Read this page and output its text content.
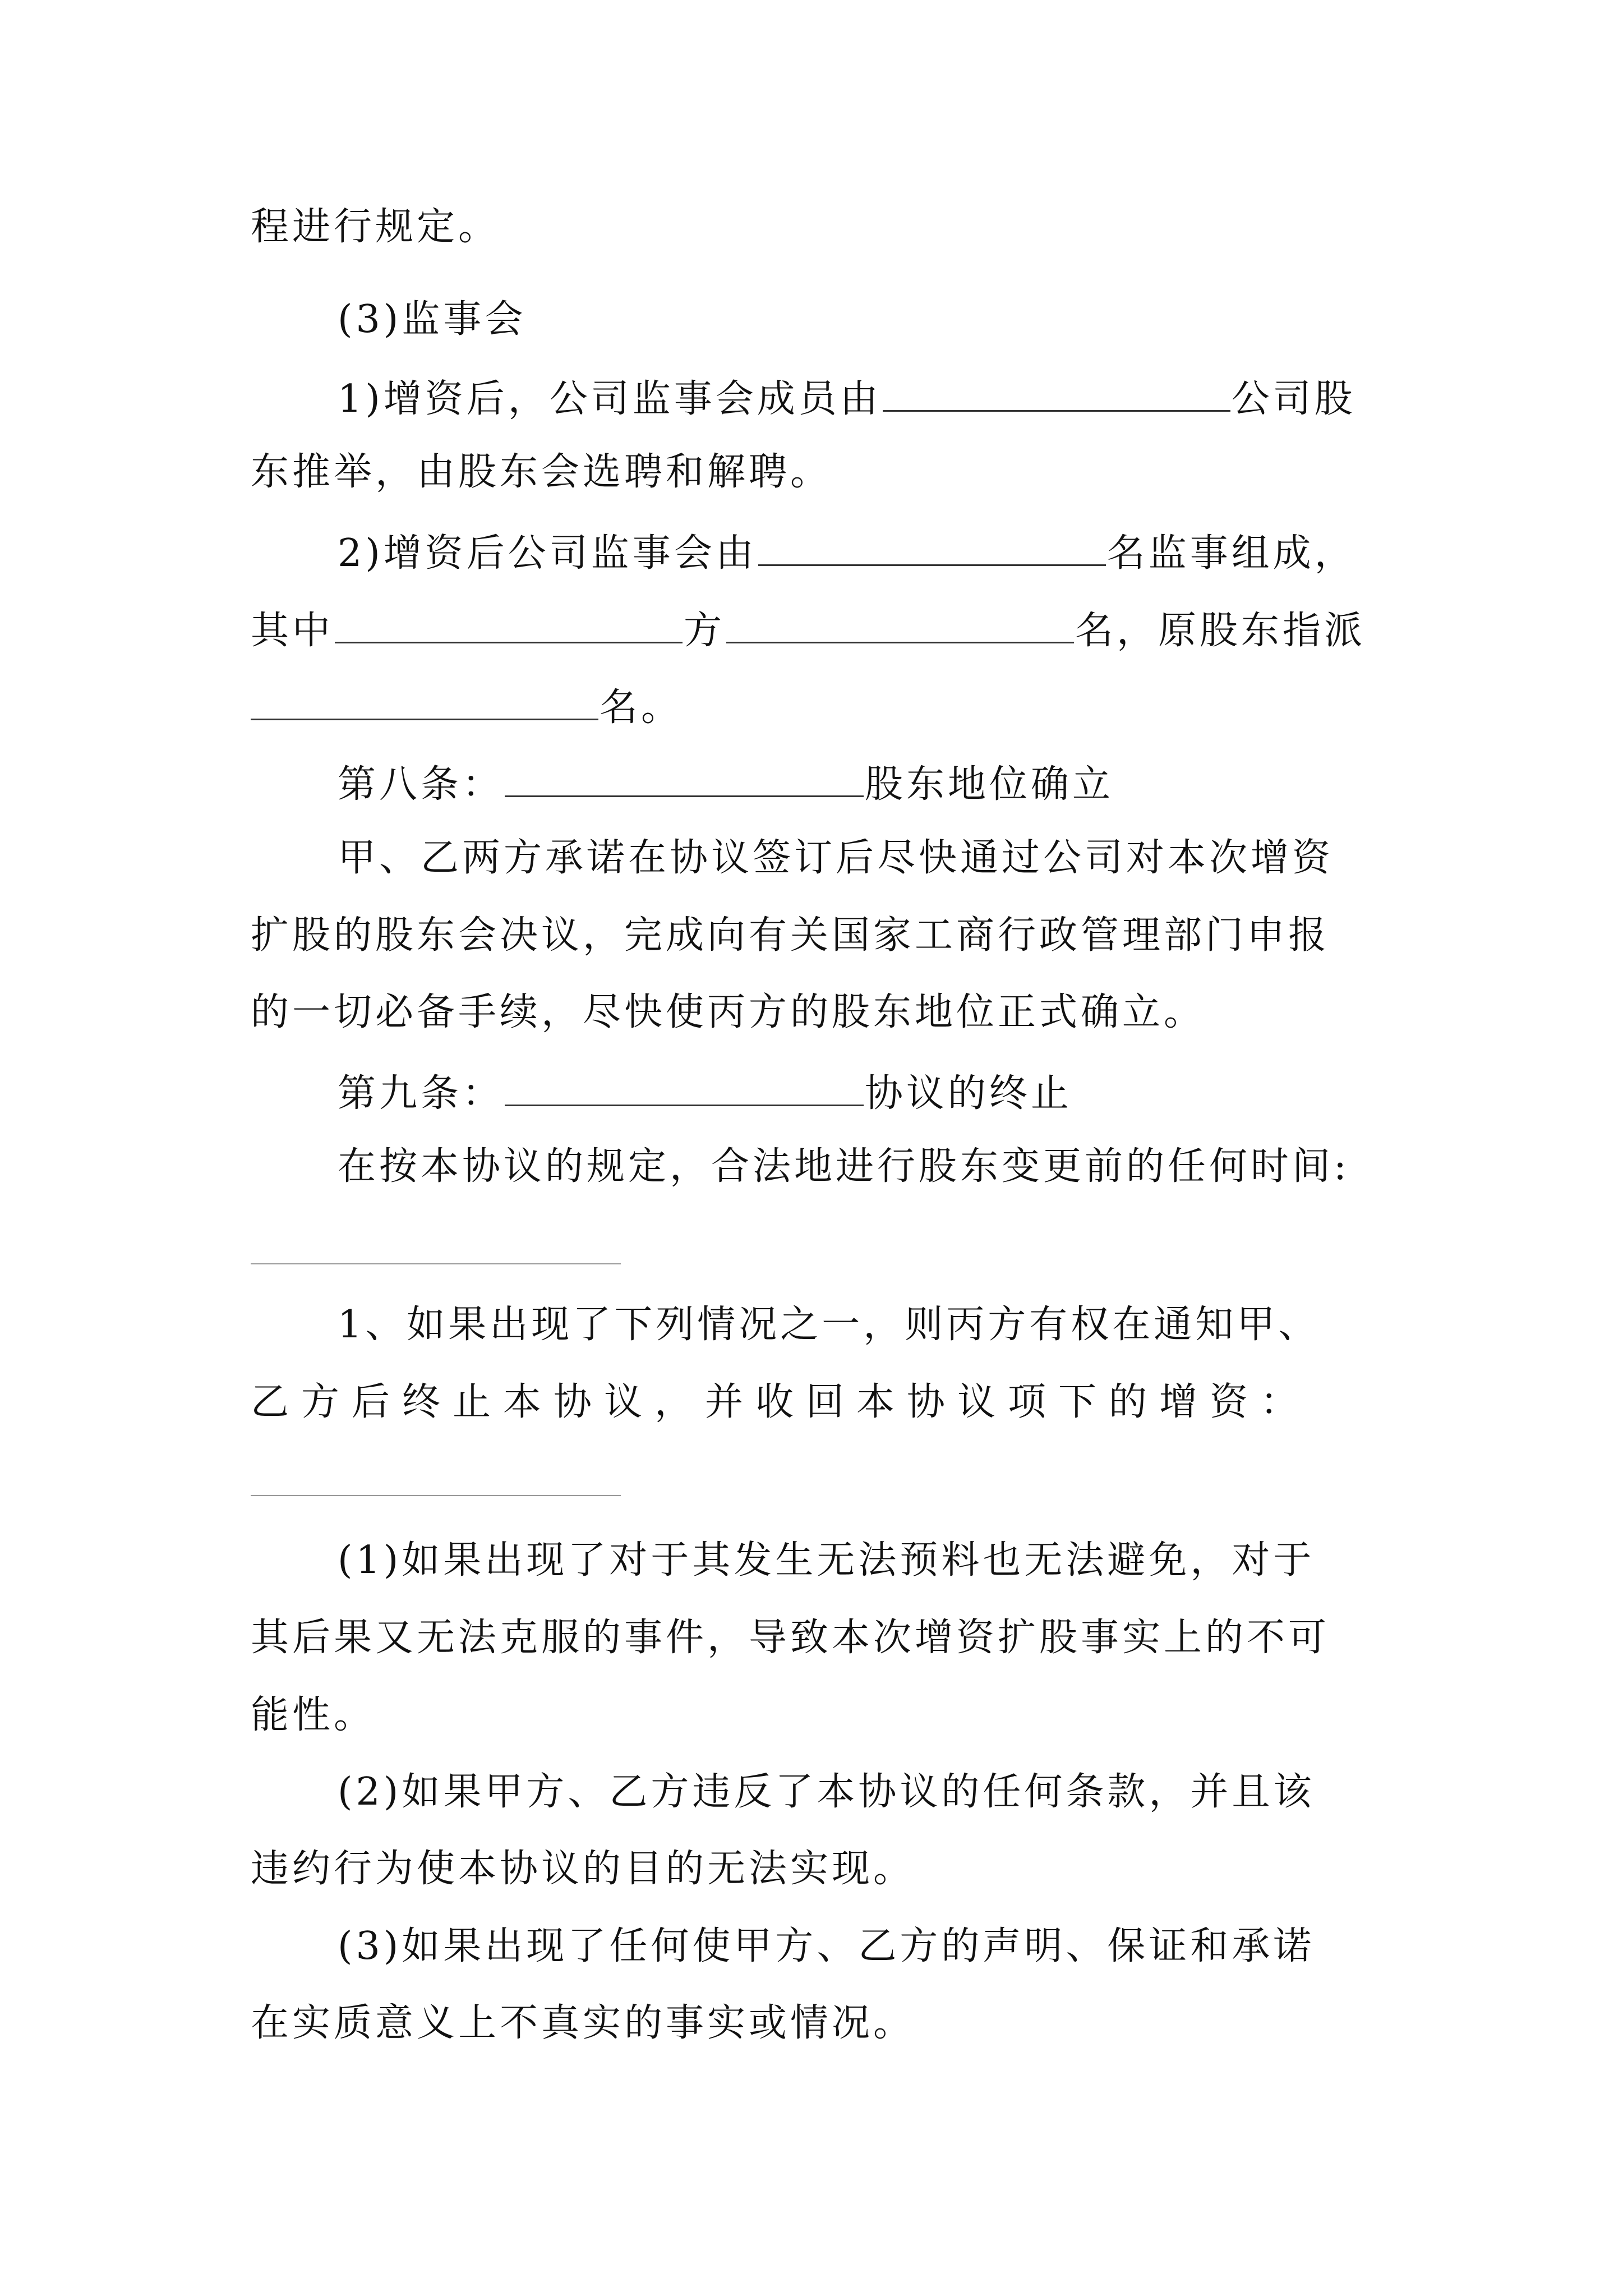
程进行规定。
(3)监事会
1)增资后，公司监事会成员由	公司股
东推举，由股东会选聘和解聘。
2)增资后公司监事会由	名监事组成，
其中	方	名，原股东指派
名。
第八条：	股东地位确立
甲、乙两方承诺在协议签订后尽快通过公司对本次增资
扩股的股东会决议，完成向有关国家工商行政管理部门申报
的一切必备手续，尽快使丙方的股东地位正式确立。
第九条：	协议的终止
在按本协议的规定，合法地进行股东变更前的任何时间:
1、如果出现了下列情况之一，则丙方有权在通知甲、
乙方后终止本协议，并收回本协议项下的增资：
(1)如果出现了对于其发生无法预料也无法避免，对于
其后果又无法克服的事件，导致本次增资扩股事实上的不可
能性。
(2)如果甲方、乙方违反了本协议的任何条款，并且该
违约行为使本协议的目的无法实现。
(3)如果出现了任何使甲方、乙方的声明、保证和承诺
在实质意义上不真实的事实或情况。
